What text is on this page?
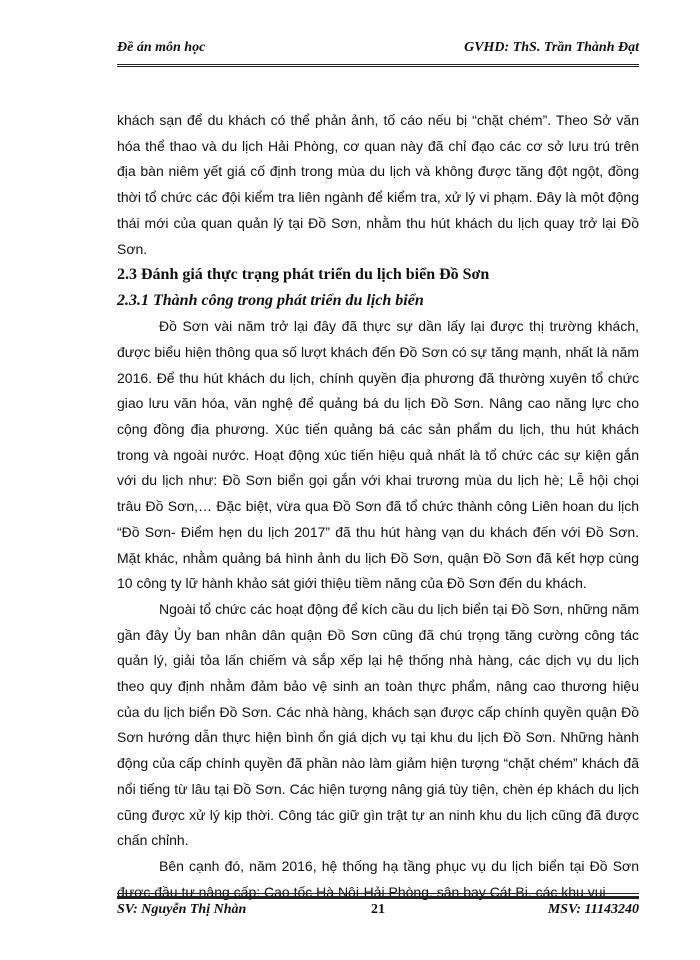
Đề án môn học	GVHD: ThS. Trần Thành Đạt

khách sạn để du khách có thể phản ảnh, tố cáo nếu bị “chặt chém”. Theo Sở văn hóa thể thao và du lịch Hải Phòng, cơ quan này đã chỉ đạo các cơ sở lưu trú trên địa bàn niêm yết giá cố định trong mùa du lịch và không được tăng đột ngột, đồng thời tổ chức các đội kiểm tra liên ngành để kiểm tra, xử lý vi phạm. Đây là một động thái mới của quan quản lý tại Đồ Sơn, nhằm thu hút khách du lịch quay trở lại Đồ Sơn.

2.3 Đánh giá thực trạng phát triển du lịch biển Đồ Sơn

2.3.1 Thành công trong phát triển du lịch biển

Đồ Sơn vài năm trở lại đây đã thực sự dần lấy lại được thị trường khách, được biểu hiện thông qua số lượt khách đến Đồ Sơn có sự tăng mạnh, nhất là năm 2016. Để thu hút khách du lịch, chính quyền địa phương đã thường xuyên tổ chức giao lưu văn hóa, văn nghệ để quảng bá du lịch Đồ Sơn. Nâng cao năng lực cho cộng đồng địa phương. Xúc tiến quảng bá các sản phẩm du lịch, thu hút khách trong và ngoài nước. Hoạt động xúc tiến hiệu quả nhất là tổ chức các sự kiện gắn với du lịch như: Đồ Sơn biển gọi gắn với khai trương mùa du lịch hè; Lễ hội chọi trâu Đồ Sơn,… Đặc biệt, vừa qua Đồ Sơn đã tổ chức thành công Liên hoan du lịch “Đồ Sơn- Điểm hẹn du lịch 2017” đã thu hút hàng vạn du khách đến với Đồ Sơn. Mặt khác, nhằm quảng bá hình ảnh du lịch Đồ Sơn, quận Đồ Sơn đã kết hợp cùng 10 công ty lữ hành khảo sát giới thiệu tiềm năng của Đồ Sơn đến du khách.

Ngoài tổ chức các hoạt động để kích cầu du lịch biển tại Đồ Sơn, những năm gần đây Ủy ban nhân dân quận Đồ Sơn cũng đã chú trọng tăng cường công tác quản lý, giải tỏa lấn chiếm và sắp xếp lại hệ thống nhà hàng, các dịch vụ du lịch theo quy định nhằm đảm bảo vệ sinh an toàn thực phẩm, nâng cao thương hiệu của du lịch biển Đồ Sơn. Các nhà hàng, khách sạn được cấp chính quyền quận Đồ Sơn hướng dẫn thực hiện bình ổn giá dịch vụ tại khu du lịch Đồ Sơn. Những hành động của cấp chính quyền đã phần nào làm giảm hiện tượng “chặt chém” khách đã nổi tiếng từ lâu tại Đồ Sơn. Các hiện tượng nâng giá tùy tiện, chèn ép khách du lịch cũng được xử lý kịp thời. Công tác giữ gìn trật tự an ninh khu du lịch cũng đã được chấn chỉnh.

Bên cạnh đó, năm 2016, hệ thống hạ tầng phục vụ du lịch biển tại Đồ Sơn được đầu tư nâng cấp: Cao tốc Hà Nội-Hải Phòng, sân bay Cát Bi, các khu vui

SV: Nguyễn Thị Nhàn	21	MSV: 11143240
